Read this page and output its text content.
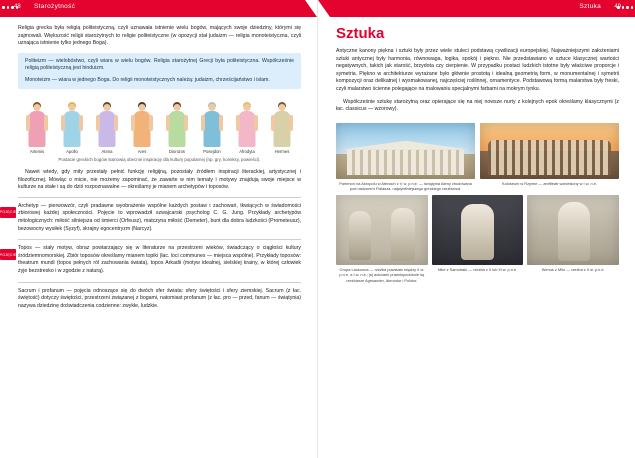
48 Starożytność

Religia grecka była religią politeistyczną, czyli uznawała istnienie wielu bogów, mających swoje dziedziny, którymi się zajmowali. Większość religii starożytnych to religie politeistyczne (w opozycji stał judaizm — religia monoteistyczna, czyli uznająca istnienie tylko jednego Boga).

Politeizm — wielobóstwo, czyli wiara w wielu bogów. Religia starożytnej Grecji była politeistyczna. Współcześnie religią politeistyczną jest hinduizm.

Monoteizm — wiara w jednego Boga. Do religii monoteistycznych należą: judaizm, chrześcijaństwo i islam.

Artemis	Apollo	Atena	Ares	Dionizos	Posejdon	Afrodyta	Hermes
Postacie greckich bogów stanowią obecnie inspirację dla kultury popularnej (np. gry, komiksy, powieści).

Nawet wtedy, gdy mity przestały pełnić funkcję religijną, pozostały źródłem inspiracji literackiej, artystycznej i filozoficznej. Mówiąc o micie, nie możemy zapominać, że zawarte w nim tematy i motywy znajdują swoje miejsce w kulturze na stałe i są do dziś rozpoznawalne — określamy je mianem archetypów i toposów.

POJĘCIE

Archetyp — pierwowzór, czyli pradawne wyobrażenie wspólne każdych postaw i zachowań, tkwiących w świadomości zbiorowej każdej społeczności. Pojęcie to wprowadził szwajcarski psycholog C. G. Jung. Przykłady archetypów mitologicznych: miłość silniejsza od śmierci (Orfeusz), matczyna miłość (Demeter), bunt dla dobra ludzkości (Prometeusz), bezowocny wysiłek (Syzyf), skrajny egocentryzm (Narcyz).

POJĘCIE

Topos — stały motyw, obraz powtarzający się w literaturze na przestrzeni wieków, świadczący o ciągłości kultury śródziemnomorskiej. Zbiór toposów określamy mianem topiki (łac. loci communes — miejsca wspólne). Przykłady toposów: theatrum mundi (topos pełnych ról zachowania świata), topos Arkadii (motyw idealnej, sielskiej krainy, w której człowiek żyje bezstresko i w zgodzie z naturą).

Sacrum i profanum — pojęcia odnoszące się do dwóch sfer świata: sfery świętości i sfery ziemskiej. Sacrum (z łac. świętość) dotyczy świętości, przestrzeni związanej z bogami, natomiast profanum (z łac. pro — przed, fanum — świątynia) nazywa dziedzinę doświadczenia codzienne: zwykłe, ludzkie.

49
Sztuka
Sztuka

Antyczne kanony piękna i sztuki były przez wiele stuleci podstawą cywilizacji europejskiej. Najważniejszymi założeniami sztuki antycznej były harmonia, równowaga, logika, spokój i piękno. Nie przedstawiano w sztuce klasycznej wartości negatywnych, takich jak starość, brzydota czy cierpienie. W przypadku postaci ludzkich istotne były właściwe proporcje i symetria. Piękno w architekturze wyrażane było głównie prostotą i idealną geometrią form, w monumentalnej i symetrii kompozycji oraz delikatnej i wysmakowanej, najczęściej roślinnej, ornamentyce. Podstawową formą malarstwa były freski, czyli malarstwo ścienne polegające na malowaniu specjalnymi farbami na mokrym tynku.

Współcześnie sztukę starożytną oraz opierające się na niej nowsze nurty z kolejnych epok określamy klasycznymi (z łac. classicus — wzorowy).

Partenon na Akropolu w Atenach z V w. p.n.e. — świątynia Ateny zbudowana pod nadzorem Fidiasza, najwybitniejszego greckiego rzeźbiarza.
Koloseum w Rzymie — amfiteatr wzniesiony w I w. n.e.
Grupa Laokoona — rzeźba powstała między II w. p.n.e. a I w. n.e.; jej autorami prawdopodobnie są rzeźbiarze Agesander, Atenodor i Polidor.
Nike z Samotraki — rzeźba z II lub III w. p.n.e.	Wenus z Milo — rzeźba z II w. p.n.e.
